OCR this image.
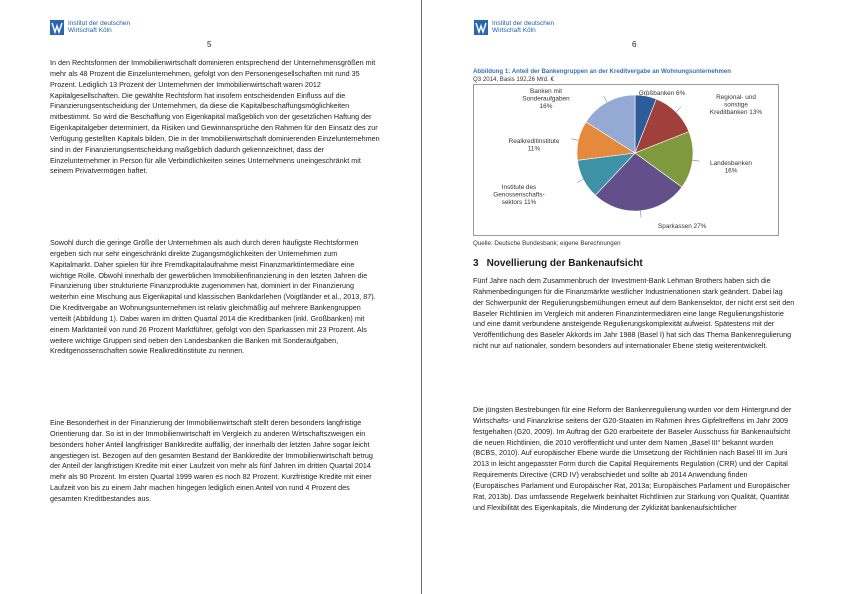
Institut der deutschen
Wirtschaft Köln
5

In den Rechtsformen der Immobilienwirtschaft dominieren entsprechend der Unternehmensgrößen mit mehr als 48 Prozent die Einzelunternehmen, gefolgt von den Personengesellschaften mit rund 35 Prozent. Lediglich 13 Prozent der Unternehmen der Immobilienwirtschaft waren 2012 Kapitalgesellschaften. Die gewählte Rechtsform hat insofern entscheidenden Einfluss auf die Finanzierungsentscheidung der Unternehmen, da diese die Kapitalbeschaffungsmöglichkeiten mitbestimmt. So wird die Beschaffung von Eigenkapital maßgeblich von der gesetzlichen Haftung der Eigenkapitalgeber determiniert, da Risiken und Gewinnansprüche den Rahmen für den Einsatz des zur Verfügung gestellten Kapitals bilden. Die in der Immobilienwirtschaft dominierenden Einzelunternehmen sind in der Finanzierungsentscheidung maßgeblich dadurch gekennzeichnet, dass der Einzelunternehmer in Person für alle Verbindlichkeiten seines Unternehmens uneingeschränkt mit seinem Privatvermögen haftet.

Sowohl durch die geringe Größe der Unternehmen als auch durch deren häufigste Rechtsformen ergeben sich nur sehr eingeschränkt direkte Zugangsmöglichkeiten der Unternehmen zum Kapitalmarkt. Daher spielen für ihre Fremdkapitalaufnahme meist Finanzmarktintermediäre eine wichtige Rolle. Obwohl innerhalb der gewerblichen Immobilienfinanzierung in den letzten Jahren die Finanzierung über strukturierte Finanzprodukte zugenommen hat, dominiert in der Finanzierung weiterhin eine Mischung aus Eigenkapital und klassischen Bankdarlehen (Voigtländer et al., 2013, 87). Die Kreditvergabe an Wohnungsunternehmen ist relativ gleichmäßig auf mehrere Bankengruppen verteilt (Abbildung 1). Dabei waren im dritten Quartal 2014 die Kreditbanken (inkl. Großbanken) mit einem Marktanteil von rund 26 Prozent Marktführer, gefolgt von den Sparkassen mit 23 Prozent. Als weitere wichtige Gruppen sind neben den Landesbanken die Banken mit Sonderaufgaben, Kreditgenossenschaften sowie Realkreditinstitute zu nennen.

Eine Besonderheit in der Finanzierung der Immobilienwirtschaft stellt deren besonders langfristige Orientierung dar. So ist in der Immobilienwirtschaft im Vergleich zu anderen Wirtschaftszweigen ein besonders hoher Anteil langfristiger Bankkredite auffällig, der innerhalb der letzten Jahre sogar leicht angestiegen ist. Bezogen auf den gesamten Bestand der Bankkredite der Immobilienwirtschaft betrug der Anteil der langfristigen Kredite mit einer Laufzeit von mehr als fünf Jahren im dritten Quartal 2014 mehr als 90 Prozent. Im ersten Quartal 1999 waren es noch 82 Prozent. Kurzfristige Kredite mit einer Laufzeit von bis zu einem Jahr machen hingegen lediglich einen Anteil von rund 4 Prozent des gesamten Kreditbestandes aus.

Institut der deutschen
Wirtschaft Köln
6

Abbildung 1: Anteil der Bankengruppen an der Kreditvergabe an Wohnungsunternehmen

Q3 2014, Basis 192,26 Mrd. €

Großbanken 6%
Regional- und sonstige Kreditbanken 13%
Landesbanken 16%
Sparkassen 27%
Institute des Genossenschafts-sektors 11%
Realkreditinstitute 11%
Banken mit Sonderaufgaben 16%

Quelle: Deutsche Bundesbank; eigene Berechnungen

3 Novellierung der Bankenaufsicht

Fünf Jahre nach dem Zusammenbruch der Investment-Bank Lehman Brothers haben sich die Rahmenbedingungen für die Finanzmärkte westlicher Industrienationen stark geändert. Dabei lag der Schwerpunkt der Regulierungsbemühungen erneut auf dem Bankensektor, der nicht erst seit den Baseler Richtlinien im Vergleich mit anderen Finanzintermediären eine lange Regulierungshistorie und eine damit verbundene ansteigende Regulierungskomplexität aufweist. Spätestens mit der Veröffentlichung des Baseler Akkords im Jahr 1988 (Basel I) hat sich das Thema Bankenregulierung nicht nur auf nationaler, sondern besonders auf internationaler Ebene stetig weiterentwickelt.

Die jüngsten Bestrebungen für eine Reform der Bankenregulierung wurden vor dem Hintergrund der Wirtschafts- und Finanzkrise seitens der G20-Staaten im Rahmen ihres Gipfeltreffens im Jahr 2009 festgehalten (G20, 2009). Im Auftrag der G20 erarbeitete der Baseler Ausschuss für Bankenaufsicht die neuen Richtlinien, die 2010 veröffentlicht und unter dem Namen „Basel III“ bekannt wurden (BCBS, 2010). Auf europäischer Ebene wurde die Umsetzung der Richtlinien nach Basel III im Juni 2013 in leicht angepasster Form durch die Capital Requirements Regulation (CRR) und der Capital Requirements Directive (CRD IV) verabschiedet und sollte ab 2014 Anwendung finden (Europäisches Parlament und Europäischer Rat, 2013a; Europäisches Parlament und Europäischer Rat, 2013b). Das umfassende Regelwerk beinhaltet Richtlinien zur Stärkung von Qualität, Quantität und Flexibilität des Eigenkapitals, die Minderung der Zyklizität bankenaufsichtlicher
